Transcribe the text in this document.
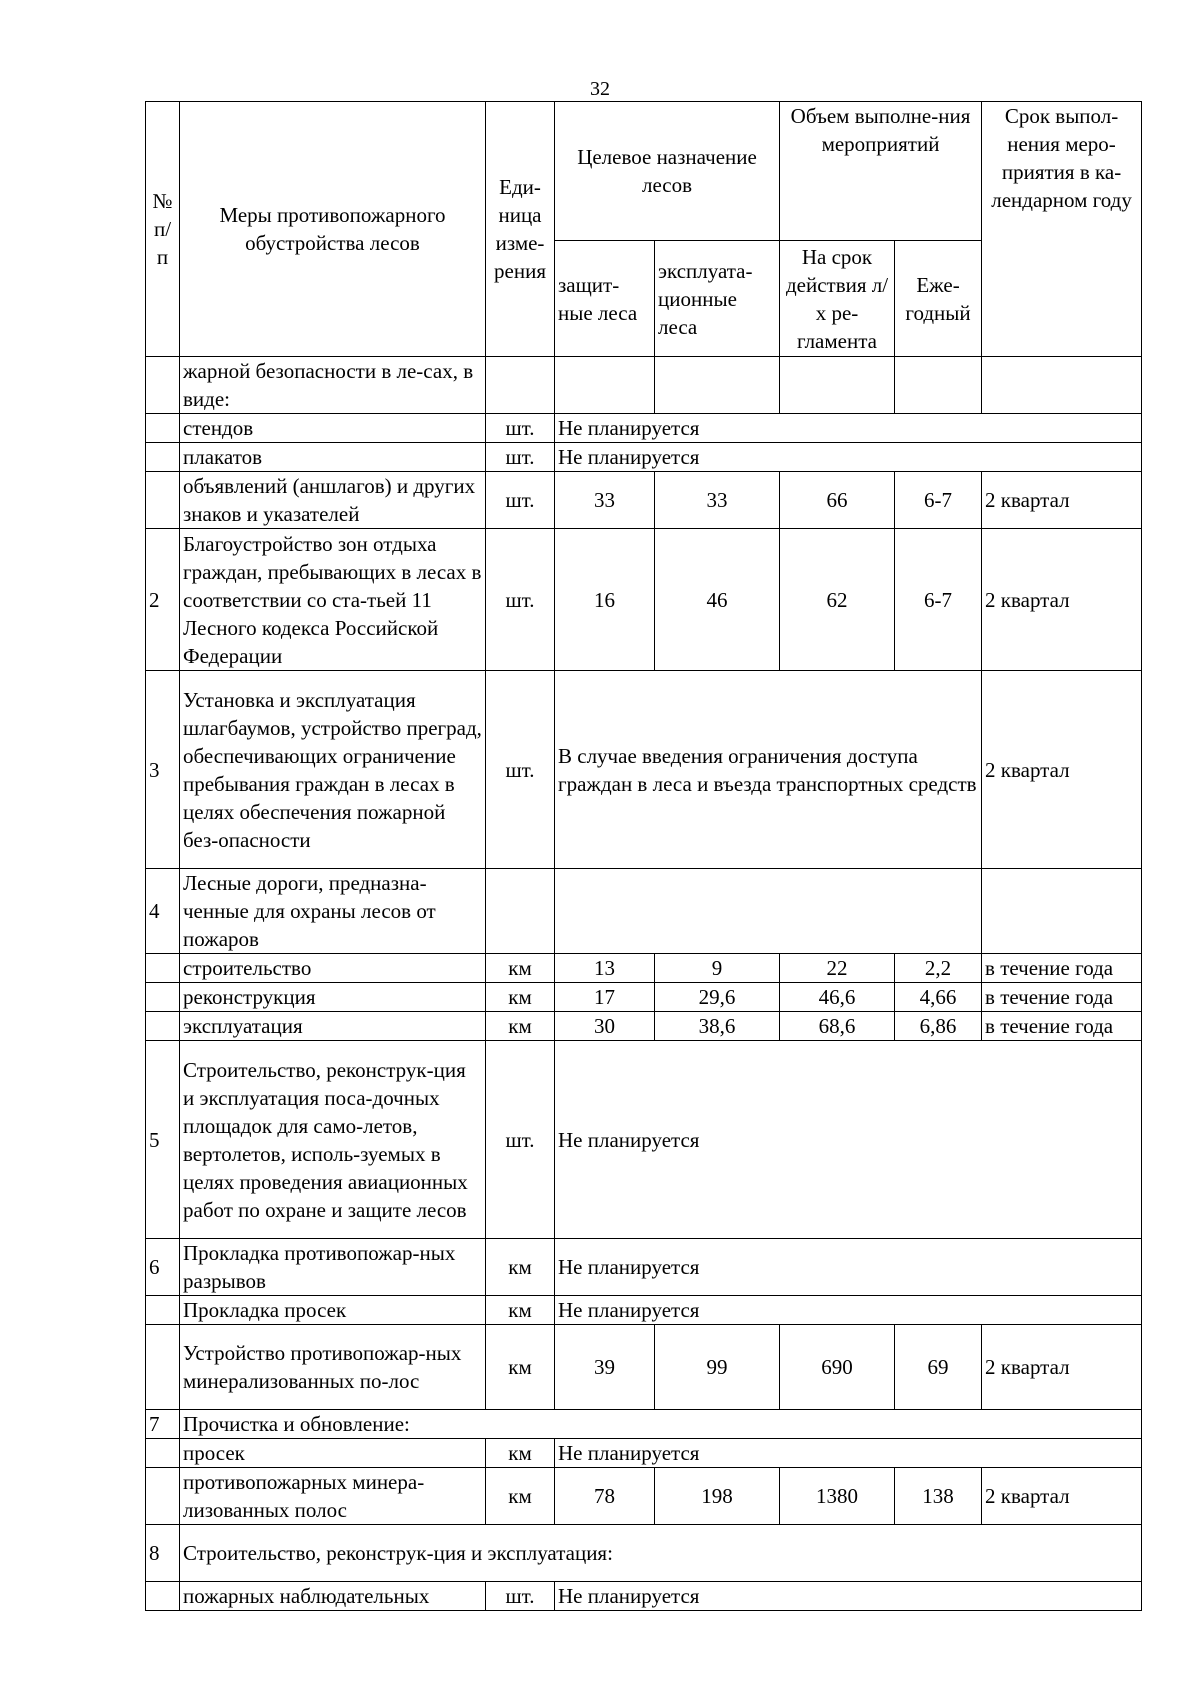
32
№ п/ п	Меры противопожарного обустройства лесов	Еди-ница изме-рения	Целевое назначение лесов		Объем выполне-ния мероприятий		Срок выпол-нения меро-приятия в ка-лендарном году
			защит-ные леса	эксплуата-ционные леса	На срок действия л/х ре-гламента	Еже-годный	
	жарной безопасности в ле-сах, в виде:						
	стендов	шт.	Не планируется				
	плакатов	шт.	Не планируется				
	объявлений (аншлагов) и других знаков и указателей	шт.	33	33	66	6-7	2 квартал
2	Благоустройство зон отдыха граждан, пребывающих в лесах в соответствии со ста-тьей 11 Лесного кодекса Российской Федерации	шт.	16	46	62	6-7	2 квартал
3	Установка и эксплуатация шлагбаумов, устройство преград, обеспечивающих ограничение пребывания граждан в лесах в целях обеспечения пожарной без-опасности	шт.	В случае введения ограничения доступа граждан в леса и въезда транспортных средств				2 квартал
4	Лесные дороги, предназна-ченные для охраны лесов от пожаров						
	строительство	км	13	9	22	2,2	в течение года
	реконструкция	км	17	29,6	46,6	4,66	в течение года
	эксплуатация	км	30	38,6	68,6	6,86	в течение года
5	Строительство, реконструк-ция и эксплуатация поса-дочных площадок для само-летов, вертолетов, исполь-зуемых в целях проведения авиационных работ по охране и защите лесов	шт.	Не планируется				
6	Прокладка противопожар-ных разрывов	км	Не планируется				
	Прокладка просек	км	Не планируется				
	Устройство противопожар-ных минерализованных по-лос	км	39	99	690	69	2 квартал
7	Прочистка и обновление:						
	просек	км	Не планируется				
	противопожарных минера-лизованных полос	км	78	198	1380	138	2 квартал
8	Строительство, реконструк-ция и эксплуатация:						
	пожарных наблюдательных	шт.	Не планируется				
